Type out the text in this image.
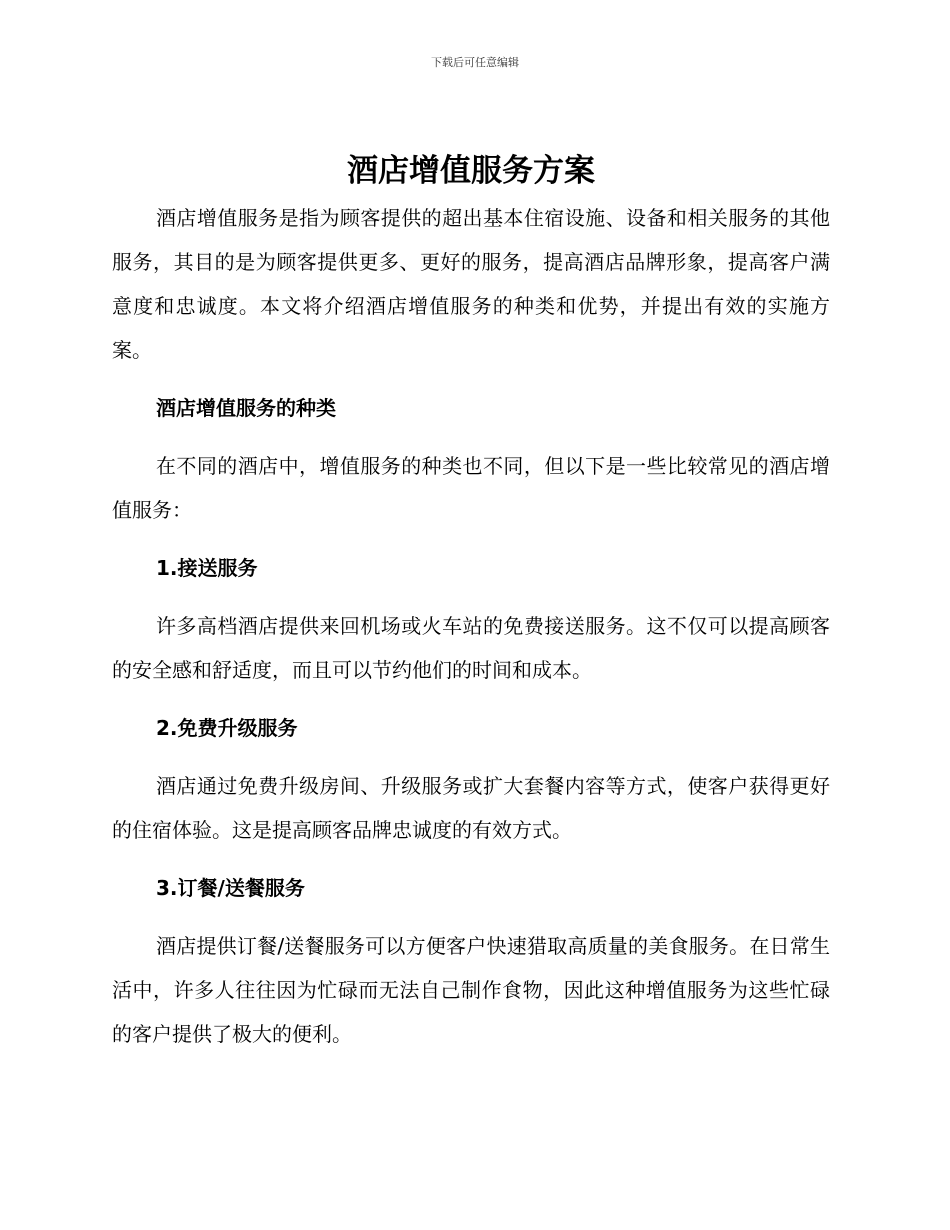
下载后可任意编辑
酒店增值服务方案

酒店增值服务是指为顾客提供的超出基本住宿设施、设备和相关服务的其他服务，其目的是为顾客提供更多、更好的服务，提高酒店品牌形象，提高客户满意度和忠诚度。本文将介绍酒店增值服务的种类和优势，并提出有效的实施方案。

酒店增值服务的种类

在不同的酒店中，增值服务的种类也不同，但以下是一些比较常见的酒店增值服务：

1.接送服务

许多高档酒店提供来回机场或火车站的免费接送服务。这不仅可以提高顾客的安全感和舒适度，而且可以节约他们的时间和成本。

2.免费升级服务

酒店通过免费升级房间、升级服务或扩大套餐内容等方式，使客户获得更好的住宿体验。这是提高顾客品牌忠诚度的有效方式。

3.订餐/送餐服务

酒店提供订餐/送餐服务可以方便客户快速猎取高质量的美食服务。在日常生活中，许多人往往因为忙碌而无法自己制作食物，因此这种增值服务为这些忙碌的客户提供了极大的便利。
